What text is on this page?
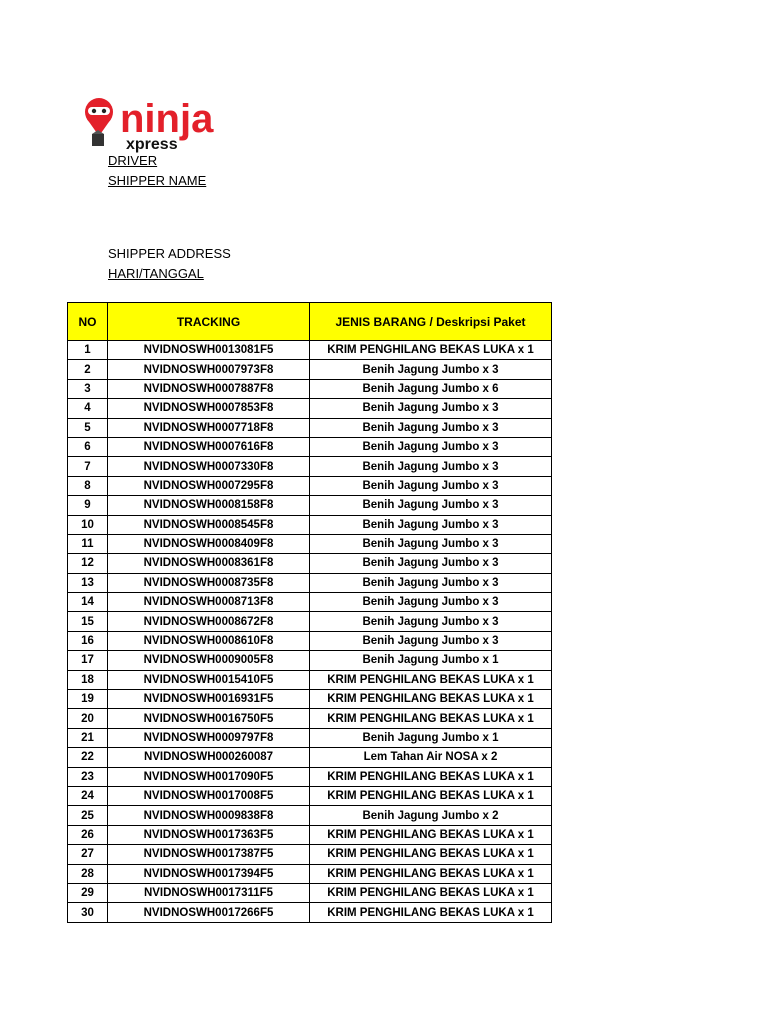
ninja
xpress
DRIVER
SHIPPER NAME
SHIPPER ADDRESS
HARI/TANGGAL
NO	TRACKING	JENIS BARANG / Deskripsi Paket
1	NVIDNOSWH0013081F5	KRIM PENGHILANG BEKAS LUKA x 1
2	NVIDNOSWH0007973F8	Benih Jagung Jumbo x 3
3	NVIDNOSWH0007887F8	Benih Jagung Jumbo x 6
4	NVIDNOSWH0007853F8	Benih Jagung Jumbo x 3
5	NVIDNOSWH0007718F8	Benih Jagung Jumbo x 3
6	NVIDNOSWH0007616F8	Benih Jagung Jumbo x 3
7	NVIDNOSWH0007330F8	Benih Jagung Jumbo x 3
8	NVIDNOSWH0007295F8	Benih Jagung Jumbo x 3
9	NVIDNOSWH0008158F8	Benih Jagung Jumbo x 3
10	NVIDNOSWH0008545F8	Benih Jagung Jumbo x 3
11	NVIDNOSWH0008409F8	Benih Jagung Jumbo x 3
12	NVIDNOSWH0008361F8	Benih Jagung Jumbo x 3
13	NVIDNOSWH0008735F8	Benih Jagung Jumbo x 3
14	NVIDNOSWH0008713F8	Benih Jagung Jumbo x 3
15	NVIDNOSWH0008672F8	Benih Jagung Jumbo x 3
16	NVIDNOSWH0008610F8	Benih Jagung Jumbo x 3
17	NVIDNOSWH0009005F8	Benih Jagung Jumbo x 1
18	NVIDNOSWH0015410F5	KRIM PENGHILANG BEKAS LUKA x 1
19	NVIDNOSWH0016931F5	KRIM PENGHILANG BEKAS LUKA x 1
20	NVIDNOSWH0016750F5	KRIM PENGHILANG BEKAS LUKA x 1
21	NVIDNOSWH0009797F8	Benih Jagung Jumbo x 1
22	NVIDNOSWH000260087	Lem Tahan Air NOSA x 2
23	NVIDNOSWH0017090F5	KRIM PENGHILANG BEKAS LUKA x 1
24	NVIDNOSWH0017008F5	KRIM PENGHILANG BEKAS LUKA x 1
25	NVIDNOSWH0009838F8	Benih Jagung Jumbo x 2
26	NVIDNOSWH0017363F5	KRIM PENGHILANG BEKAS LUKA x 1
27	NVIDNOSWH0017387F5	KRIM PENGHILANG BEKAS LUKA x 1
28	NVIDNOSWH0017394F5	KRIM PENGHILANG BEKAS LUKA x 1
29	NVIDNOSWH0017311F5	KRIM PENGHILANG BEKAS LUKA x 1
30	NVIDNOSWH0017266F5	KRIM PENGHILANG BEKAS LUKA x 1
